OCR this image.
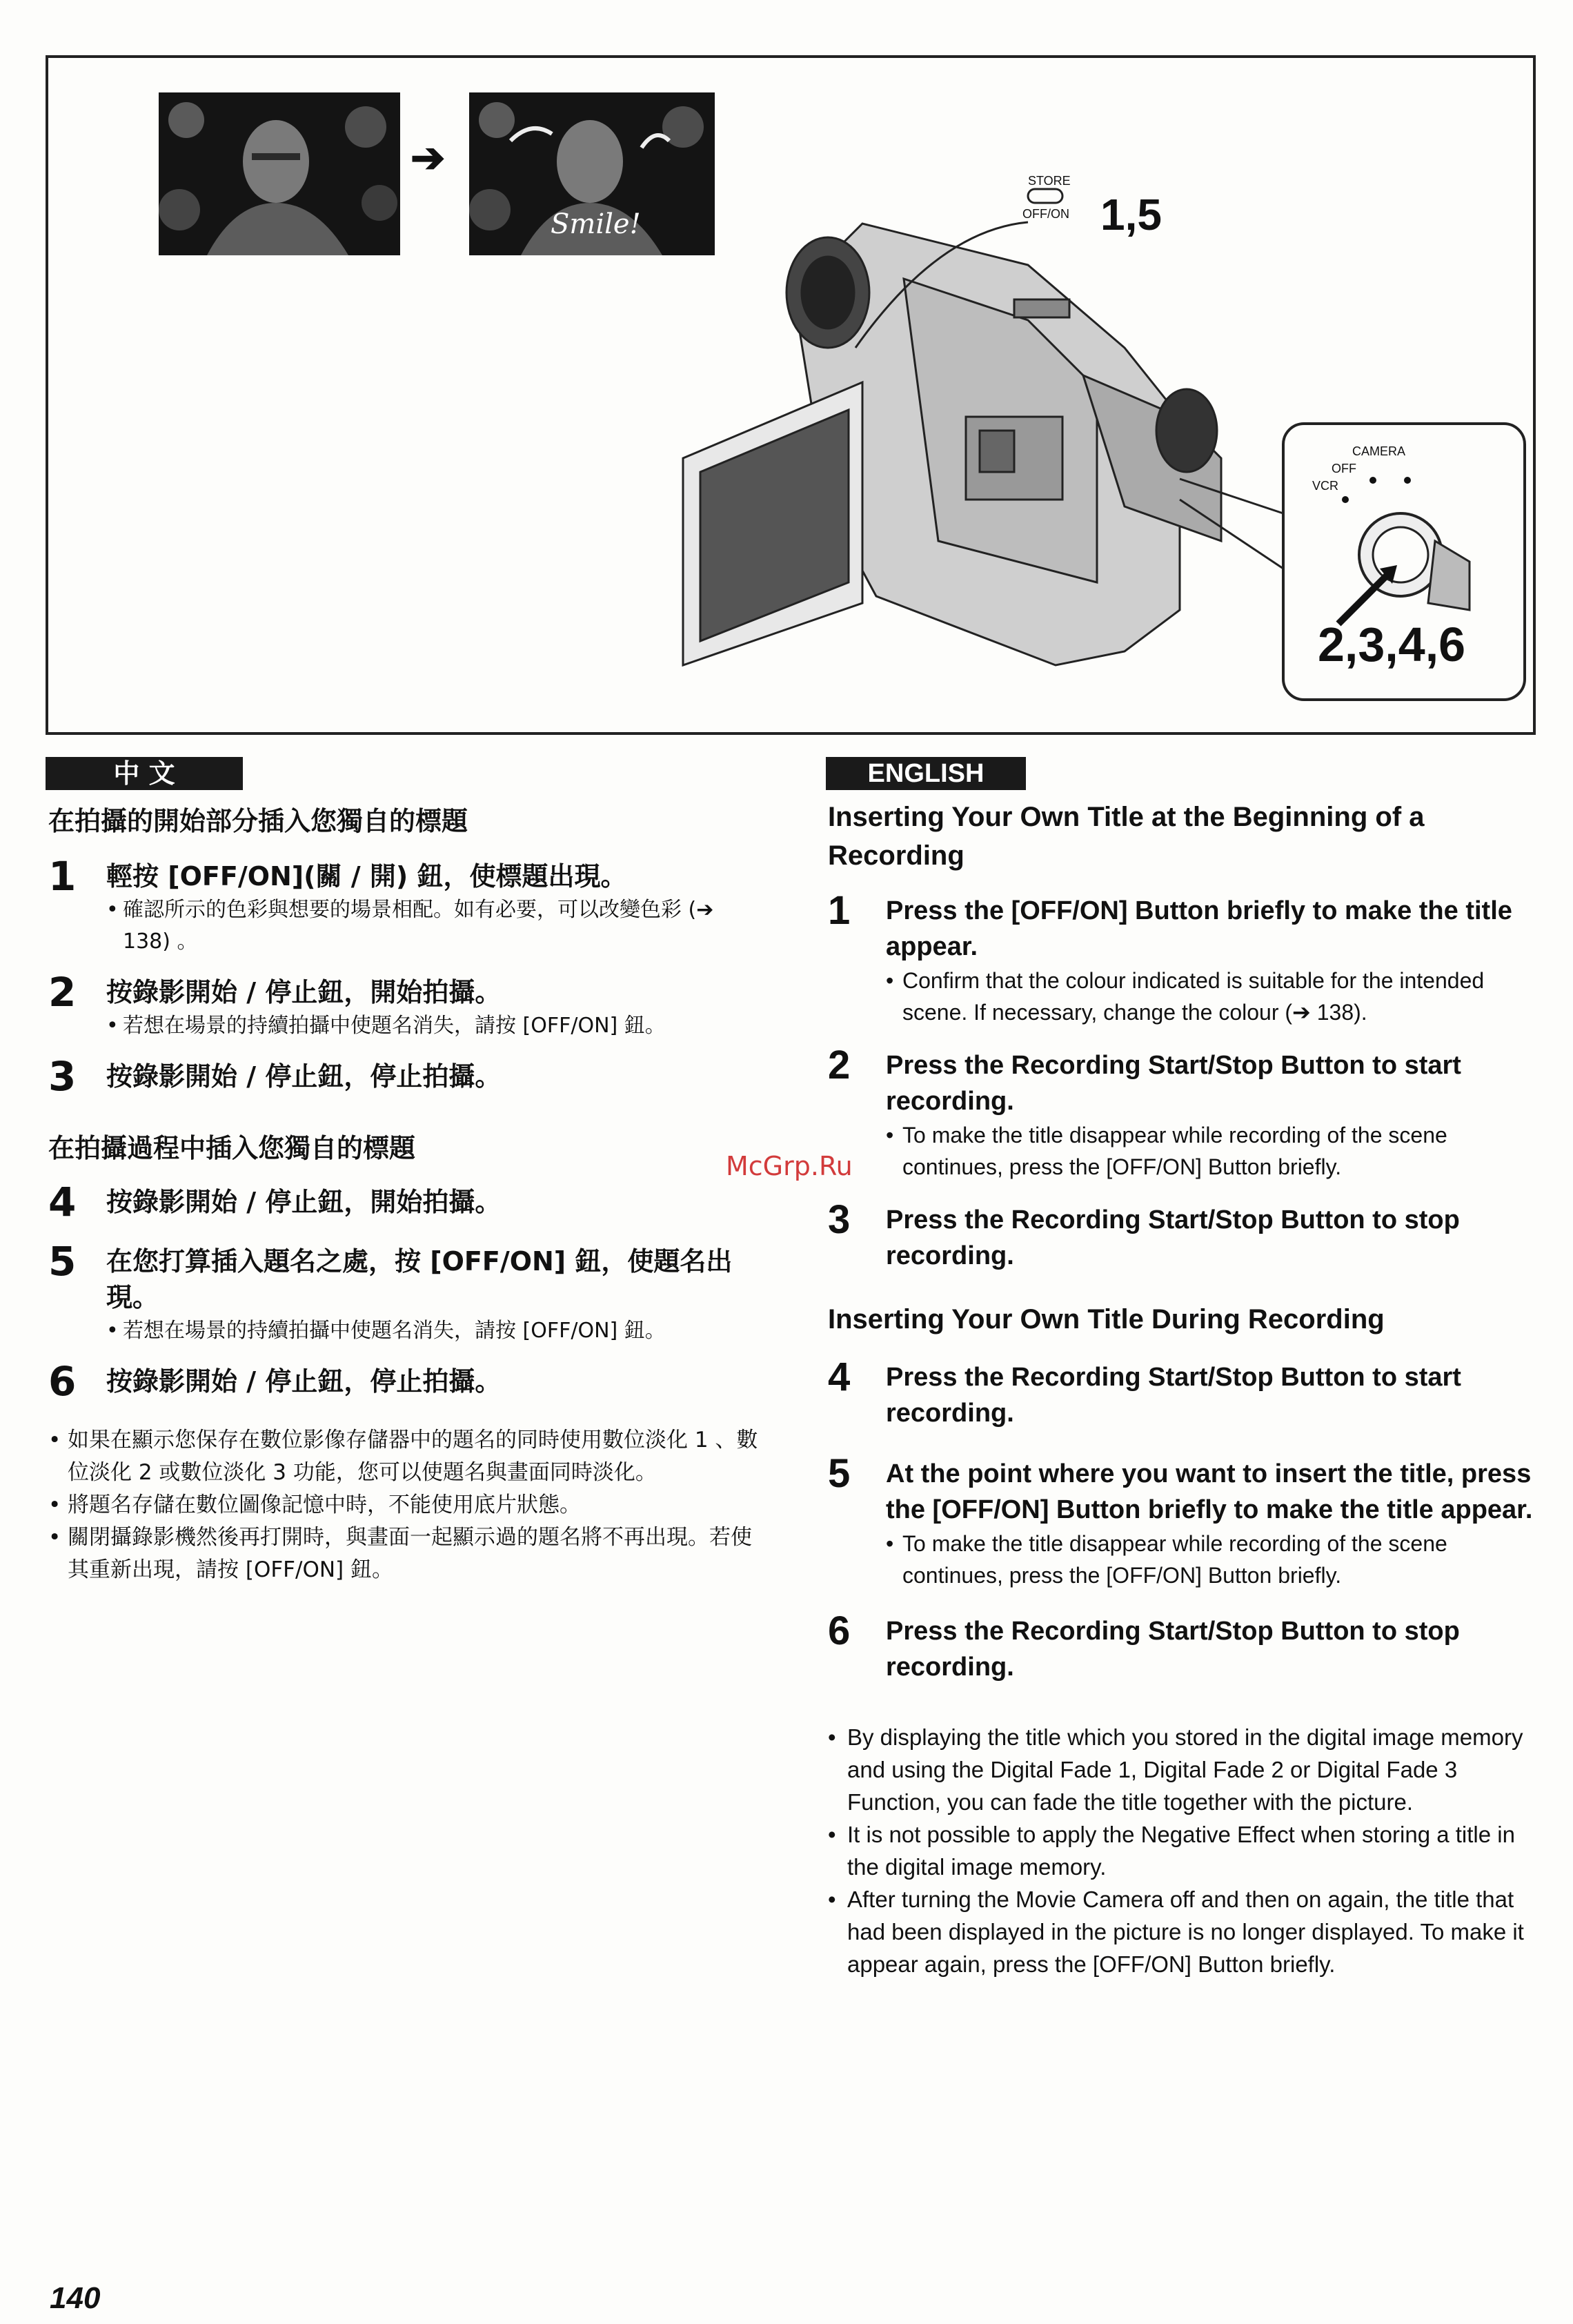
➔
Smile!
STORE
OFF/ON 1,5
CAMERA
OFF
VCR
2,3,4,6
中 文

在拍攝的開始部分插入您獨自的標題

1 輕按 [OFF/ON](關 / 開) 鈕，使標題出現。

• 確認所示的色彩與想要的場景相配。如有必要，可以改變色彩 (➔ 138) 。

2 按錄影開始 / 停止鈕，開始拍攝。

• 若想在場景的持續拍攝中使題名消失，請按 [OFF/ON] 鈕。

3 按錄影開始 / 停止鈕，停止拍攝。

在拍攝過程中插入您獨自的標題

4 按錄影開始 / 停止鈕，開始拍攝。

5 在您打算插入題名之處，按 [OFF/ON] 鈕，使題名出現。

• 若想在場景的持續拍攝中使題名消失，請按 [OFF/ON] 鈕。

6 按錄影開始 / 停止鈕，停止拍攝。

• 如果在顯示您保存在數位影像存儲器中的題名的同時使用數位淡化 1 、數位淡化 2 或數位淡化 3 功能，您可以使題名與畫面同時淡化。

• 將題名存儲在數位圖像記憶中時，不能使用底片狀態。

• 關閉攝錄影機然後再打開時，與畫面一起顯示過的題名將不再出現。若使其重新出現，請按 [OFF/ON] 鈕。

ENGLISH

Inserting Your Own Title at the Beginning of a Recording

1 Press the [OFF/ON] Button briefly to make the title appear.

• Confirm that the colour indicated is suitable for the intended scene. If necessary, change the colour (➔ 138).

2 Press the Recording Start/Stop Button to start recording.

• To make the title disappear while recording of the scene continues, press the [OFF/ON] Button briefly.

3 Press the Recording Start/Stop Button to stop recording.

Inserting Your Own Title During Recording

4 Press the Recording Start/Stop Button to start recording.

5 At the point where you want to insert the title, press the [OFF/ON] Button briefly to make the title appear.

• To make the title disappear while recording of the scene continues, press the [OFF/ON] Button briefly.

6 Press the Recording Start/Stop Button to stop recording.

• By displaying the title which you stored in the digital image memory and using the Digital Fade 1, Digital Fade 2 or Digital Fade 3 Function, you can fade the title together with the picture.

• It is not possible to apply the Negative Effect when storing a title in the digital image memory.

• After turning the Movie Camera off and then on again, the title that had been displayed in the picture is no longer displayed. To make it appear again, press the [OFF/ON] Button briefly.

McGrp.Ru
140
